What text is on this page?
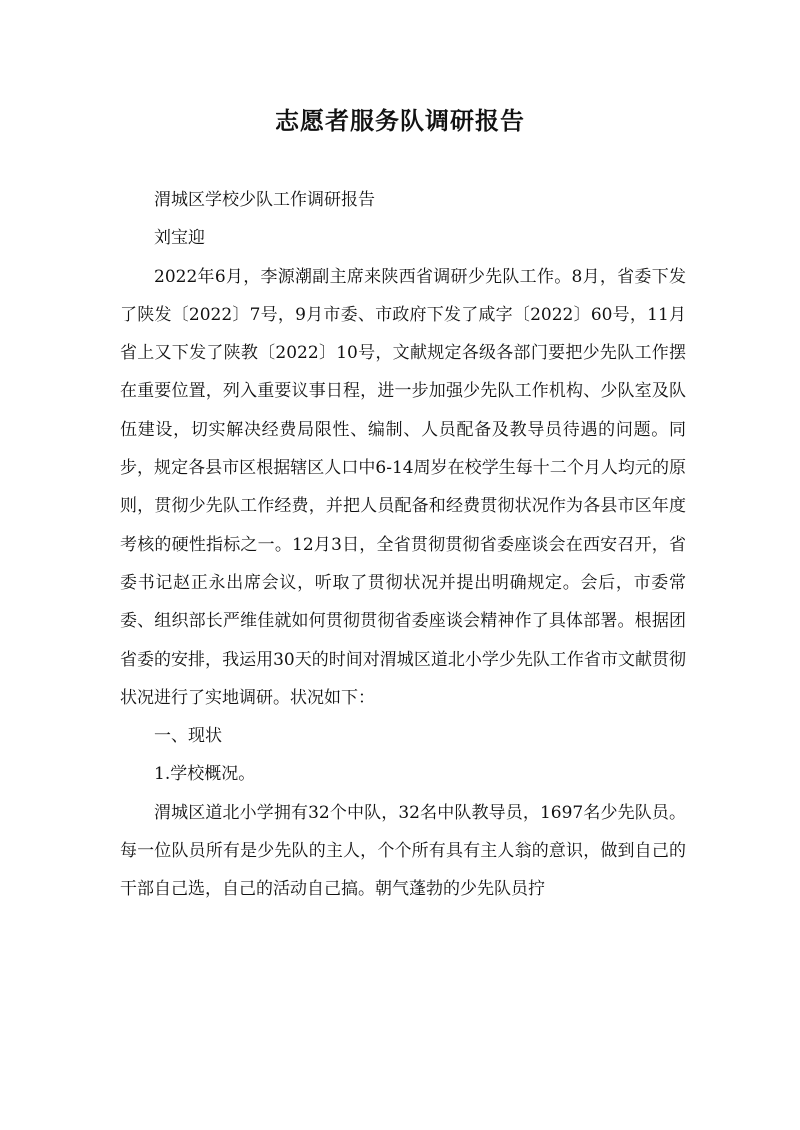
志愿者服务队调研报告

渭城区学校少队工作调研报告

刘宝迎

2022年6月，李源潮副主席来陕西省调研少先队工作。8月，省委下发了陕发〔2022〕7号，9月市委、市政府下发了咸字〔2022〕60号，11月省上又下发了陕教〔2022〕10号，文献规定各级各部门要把少先队工作摆在重要位置，列入重要议事日程，进一步加强少先队工作机构、少队室及队伍建设，切实解决经费局限性、编制、人员配备及教导员待遇的问题。同步，规定各县市区根据辖区人口中6-14周岁在校学生每十二个月人均元的原则，贯彻少先队工作经费，并把人员配备和经费贯彻状况作为各县市区年度考核的硬性指标之一。12月3日，全省贯彻贯彻省委座谈会在西安召开，省委书记赵正永出席会议，听取了贯彻状况并提出明确规定。会后，市委常委、组织部长严维佳就如何贯彻贯彻省委座谈会精神作了具体部署。根据团省委的安排，我运用30天的时间对渭城区道北小学少先队工作省市文献贯彻状况进行了实地调研。状况如下：

一、现状

1.学校概况。

渭城区道北小学拥有32个中队，32名中队教导员，1697名少先队员。每一位队员所有是少先队的主人，个个所有具有主人翁的意识，做到自己的干部自己选，自己的活动自己搞。朝气蓬勃的少先队员拧
